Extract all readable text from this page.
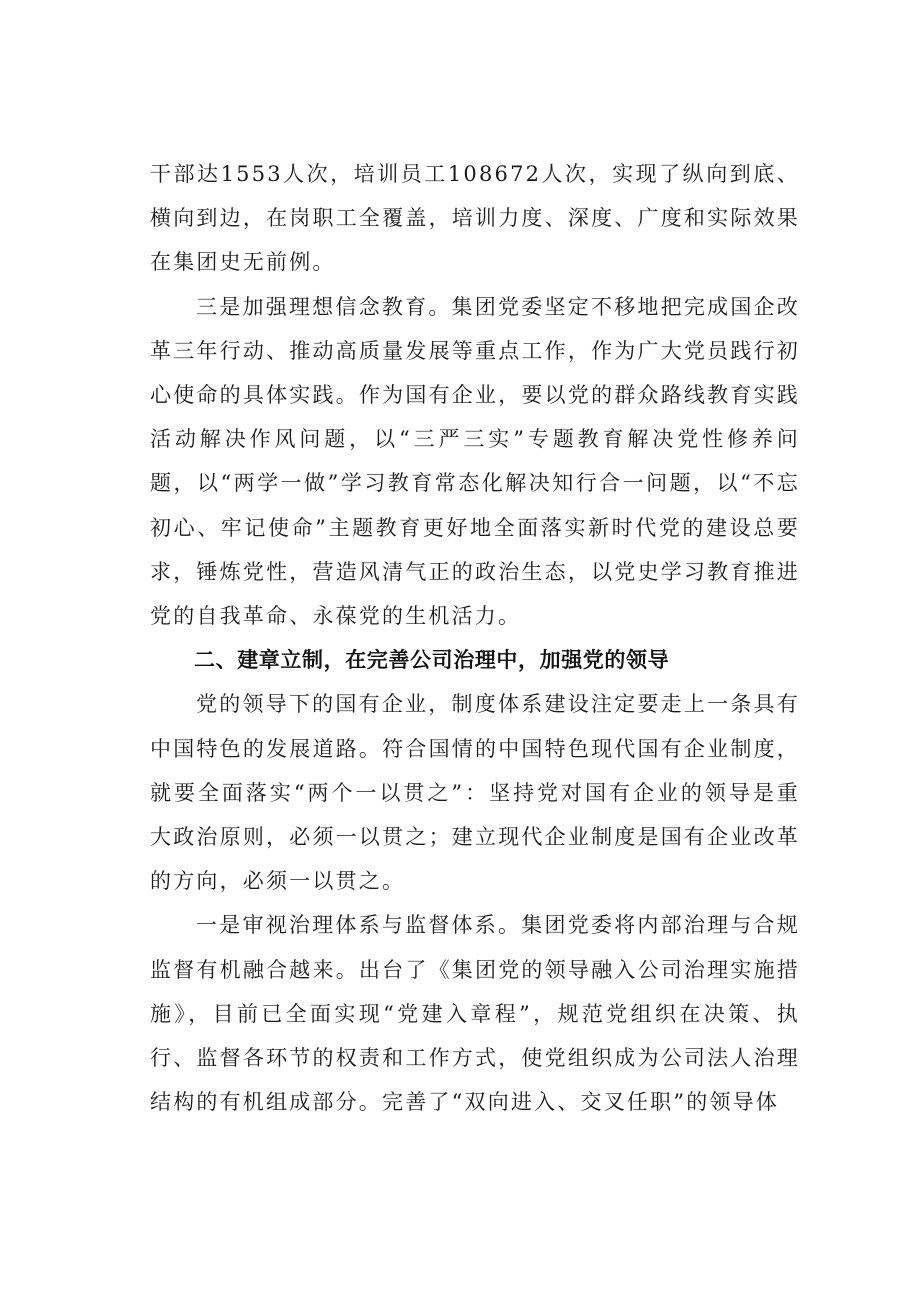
干部达1553人次，培训员工108672人次，实现了纵向到底、横向到边，在岗职工全覆盖，培训力度、深度、广度和实际效果在集团史无前例。

三是加强理想信念教育。集团党委坚定不移地把完成国企改革三年行动、推动高质量发展等重点工作，作为广大党员践行初心使命的具体实践。作为国有企业，要以党的群众路线教育实践活动解决作风问题，以“三严三实”专题教育解决党性修养问题，以“两学一做”学习教育常态化解决知行合一问题，以“不忘初心、牢记使命”主题教育更好地全面落实新时代党的建设总要求，锤炼党性，营造风清气正的政治生态，以党史学习教育推进党的自我革命、永葆党的生机活力。

二、建章立制，在完善公司治理中，加强党的领导

党的领导下的国有企业，制度体系建设注定要走上一条具有中国特色的发展道路。符合国情的中国特色现代国有企业制度，就要全面落实“两个一以贯之”：坚持党对国有企业的领导是重大政治原则，必须一以贯之；建立现代企业制度是国有企业改革的方向，必须一以贯之。

一是审视治理体系与监督体系。集团党委将内部治理与合规监督有机融合越来。出台了《集团党的领导融入公司治理实施措施》，目前已全面实现“党建入章程”，规范党组织在决策、执行、监督各环节的权责和工作方式，使党组织成为公司法人治理结构的有机组成部分。完善了“双向进入、交叉任职”的领导体
